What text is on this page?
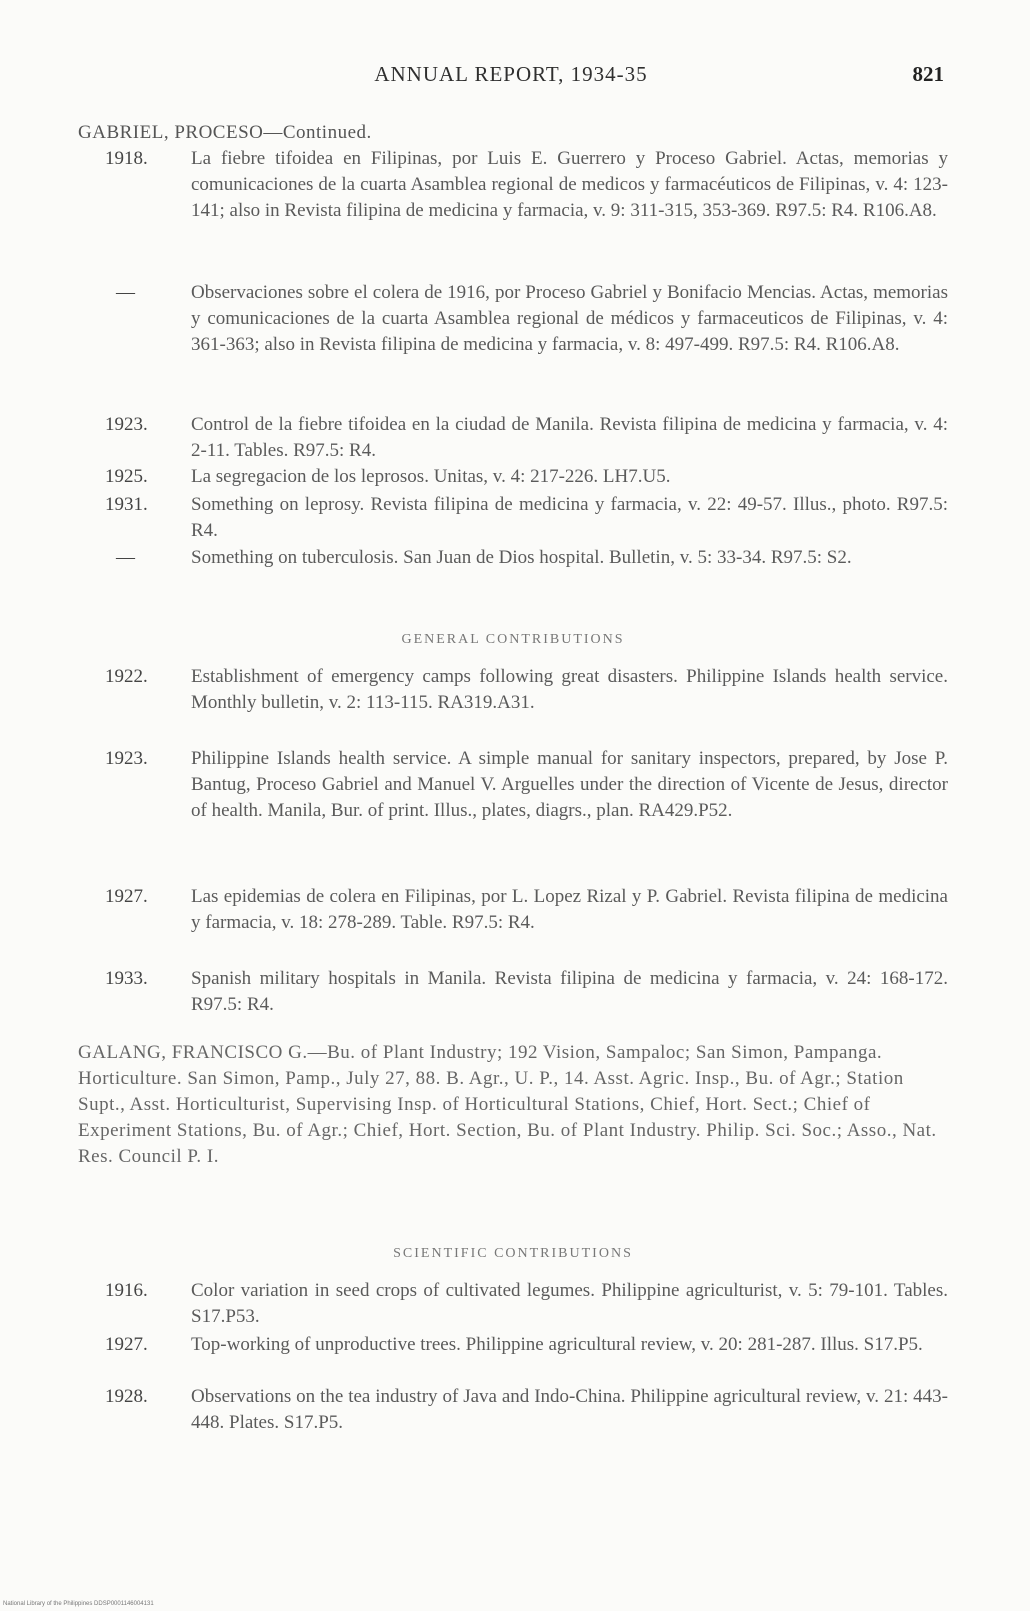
ANNUAL REPORT, 1934-35	821
GABRIEL, PROCESO—Continued.
1918.	La fiebre tifoidea en Filipinas, por Luis E. Guerrero y Proceso Gabriel. Actas, memorias y comunicaciones de la cuarta Asamblea regional de medicos y farmacéuticos de Filipinas, v. 4: 123-141; also in Revista filipina de medicina y farmacia, v. 9: 311-315, 353-369. R97.5: R4. R106.A8.
—	Observaciones sobre el colera de 1916, por Proceso Gabriel y Bonifacio Mencias. Actas, memorias y comunicaciones de la cuarta Asamblea regional de médicos y farmaceuticos de Filipinas, v. 4: 361-363; also in Revista filipina de medicina y farmacia, v. 8: 497-499. R97.5: R4. R106.A8.
1923.	Control de la fiebre tifoidea en la ciudad de Manila. Revista filipina de medicina y farmacia, v. 4: 2-11. Tables. R97.5: R4.
1925.	La segregacion de los leprosos. Unitas, v. 4: 217-226. LH7.U5.
1931.	Something on leprosy. Revista filipina de medicina y farmacia, v. 22: 49-57. Illus., photo. R97.5: R4.
—	Something on tuberculosis. San Juan de Dios hospital. Bulletin, v. 5: 33-34. R97.5: S2.
GENERAL CONTRIBUTIONS
1922.	Establishment of emergency camps following great disasters. Philippine Islands health service. Monthly bulletin, v. 2: 113-115. RA319.A31.
1923.	Philippine Islands health service. A simple manual for sanitary inspectors, prepared, by Jose P. Bantug, Proceso Gabriel and Manuel V. Arguelles under the direction of Vicente de Jesus, director of health. Manila, Bur. of print. Illus., plates, diagrs., plan. RA429.P52.
1927.	Las epidemias de colera en Filipinas, por L. Lopez Rizal y P. Gabriel. Revista filipina de medicina y farmacia, v. 18: 278-289. Table. R97.5: R4.
1933.	Spanish military hospitals in Manila. Revista filipina de medicina y farmacia, v. 24: 168-172. R97.5: R4.
GALANG, FRANCISCO G.—Bu. of Plant Industry; 192 Vision, Sampaloc; San Simon, Pampanga. Horticulture. San Simon, Pamp., July 27, 88. B. Agr., U. P., 14. Asst. Agric. Insp., Bu. of Agr.; Station Supt., Asst. Horticulturist, Supervising Insp. of Horticultural Stations, Chief, Hort. Sect.; Chief of Experiment Stations, Bu. of Agr.; Chief, Hort. Section, Bu. of Plant Industry. Philip. Sci. Soc.; Asso., Nat. Res. Council P. I.
SCIENTIFIC CONTRIBUTIONS
1916.	Color variation in seed crops of cultivated legumes. Philippine agriculturist, v. 5: 79-101. Tables. S17.P53.
1927.	Top-working of unproductive trees. Philippine agricultural review, v. 20: 281-287. Illus. S17.P5.
1928.	Observations on the tea industry of Java and Indo-China. Philippine agricultural review, v. 21: 443-448. Plates. S17.P5.
National Library of the Philippines DDSP0001146004131
